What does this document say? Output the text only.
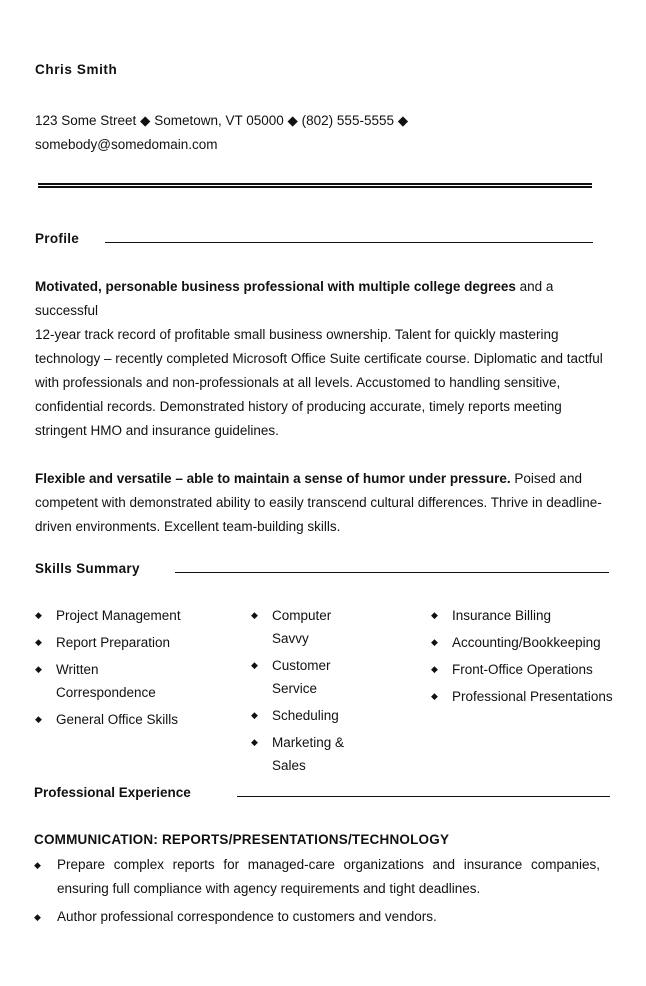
Chris Smith
123 Some Street ◆ Sometown, VT 05000 ◆ (802) 555-5555 ◆
somebody@somedomain.com
Profile
Motivated, personable business professional with multiple college degrees and a successful
12-year track record of profitable small business ownership. Talent for quickly mastering technology – recently completed Microsoft Office Suite certificate course. Diplomatic and tactful with professionals and non-professionals at all levels. Accustomed to handling sensitive, confidential records. Demonstrated history of producing accurate, timely reports meeting stringent HMO and insurance guidelines.
Flexible and versatile – able to maintain a sense of humor under pressure. Poised and competent with demonstrated ability to easily transcend cultural differences. Thrive in deadline-driven environments. Excellent team-building skills.
Skills Summary
◆ Project Management
◆ Report Preparation
◆ Written Correspondence
◆ General Office Skills
◆ Computer Savvy
◆ Customer Service
◆ Scheduling
◆ Marketing & Sales
◆ Insurance Billing
◆ Accounting/Bookkeeping
◆ Front-Office Operations
◆ Professional Presentations
Professional Experience
COMMUNICATION: REPORTS/PRESENTATIONS/TECHNOLOGY
◆ Prepare complex reports for managed-care organizations and insurance companies, ensuring full compliance with agency requirements and tight deadlines.
◆ Author professional correspondence to customers and vendors.
